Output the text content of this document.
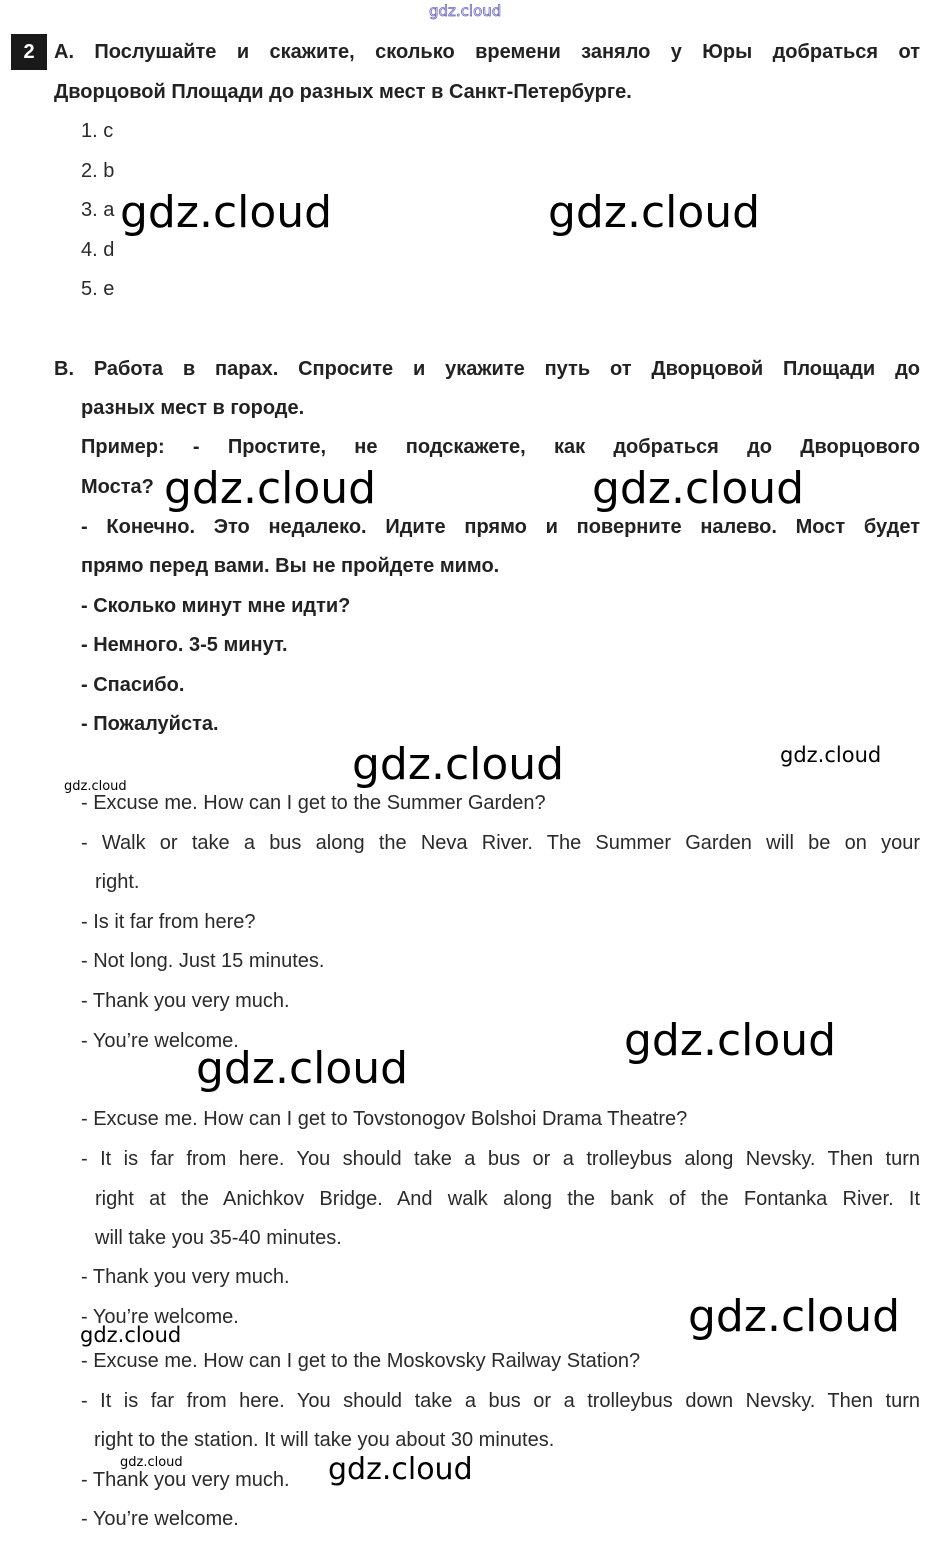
gdz.cloud
2 A. Послушайте и скажите, сколько времени заняло у Юры добраться от
Дворцовой Площади до разных мест в Санкт-Петербурге.
1. c
2. b
3. a
4. d
5. e
B. Работа в парах. Спросите и укажите путь от Дворцовой Площади до
разных мест в городе.
Пример: - Простите, не подскажете, как добраться до Дворцового
Моста?
- Конечно. Это недалеко. Идите прямо и поверните налево. Мост будет
прямо перед вами. Вы не пройдете мимо.
- Сколько минут мне идти?
- Немного. 3-5 минут.
- Спасибо.
- Пожалуйста.
- Excuse me. How can I get to the Summer Garden?
- Walk or take a bus along the Neva River. The Summer Garden will be on your
right.
- Is it far from here?
- Not long. Just 15 minutes.
- Thank you very much.
- You’re welcome.
- Excuse me. How can I get to Tovstonogov Bolshoi Drama Theatre?
- It is far from here. You should take a bus or a trolleybus along Nevsky. Then turn
right at the Anichkov Bridge. And walk along the bank of the Fontanka River. It
will take you 35-40 minutes.
- Thank you very much.
- You’re welcome.
- Excuse me. How can I get to the Moskovsky Railway Station?
- It is far from here. You should take a bus or a trolleybus down Nevsky. Then turn
right to the station. It will take you about 30 minutes.
- Thank you very much.
- You’re welcome.
gdz.cloud	gdz.cloud
gdz.cloud	gdz.cloud
gdz.cloud	gdz.cloud
gdz.cloud
gdz.cloud
gdz.cloud
gdz.cloud
gdz.cloud
gdz.cloud	gdz.cloud
